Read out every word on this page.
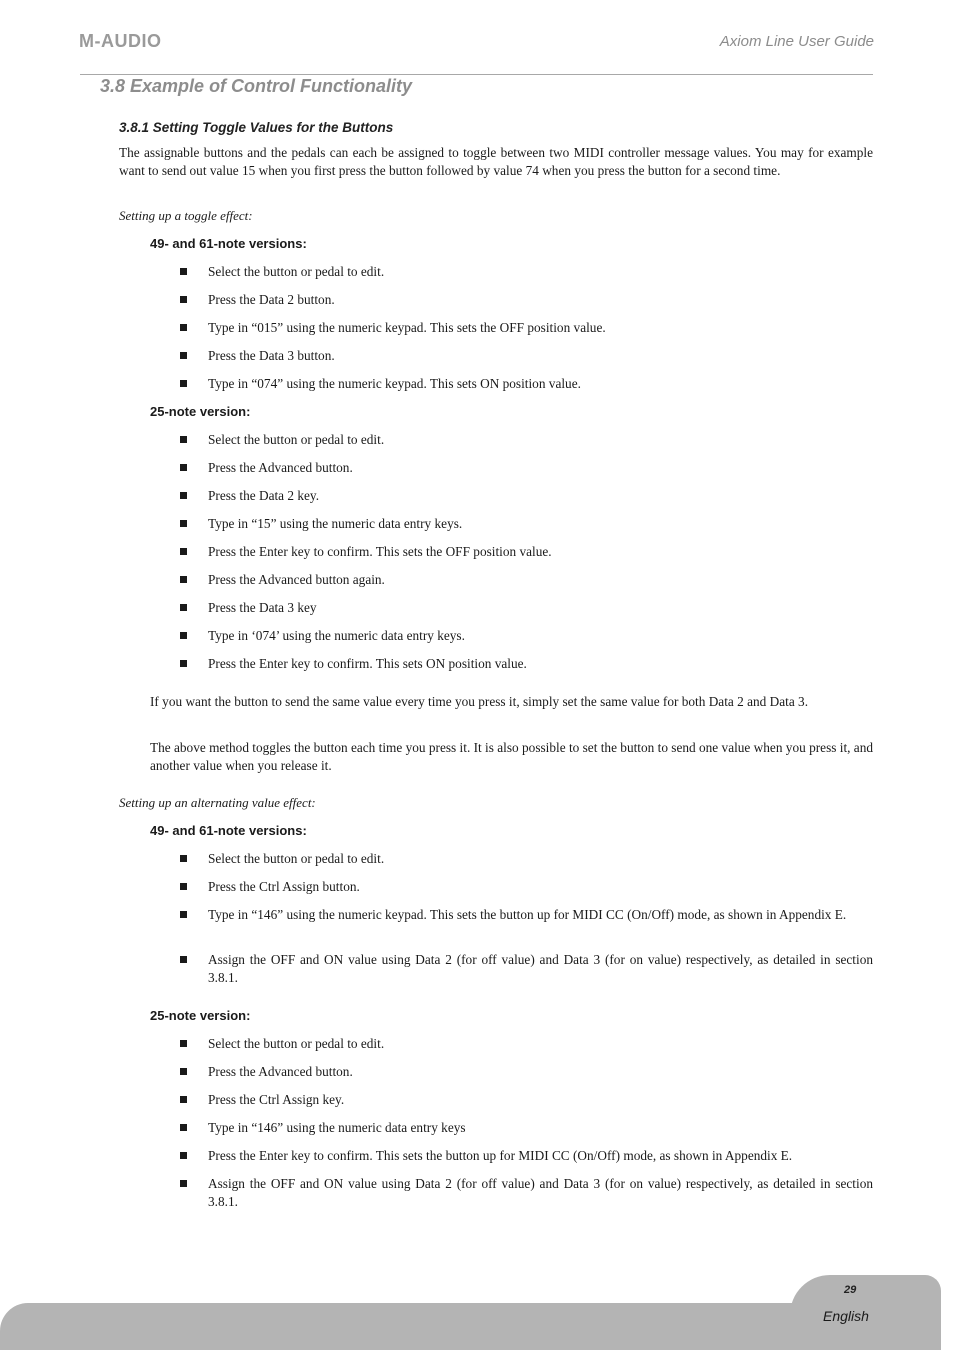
M-AUDIO	Axiom Line User Guide
3.8 Example of Control Functionality
3.8.1 Setting Toggle Values for the Buttons
The assignable buttons and the pedals can each be assigned to toggle between two MIDI controller message values. You may for example want to send out value 15 when you first press the button followed by value 74 when you press the button for a second time.
Setting up a toggle effect:
49- and 61-note versions:
Select the button or pedal to edit.
Press the Data 2 button.
Type in “015” using the numeric keypad. This sets the OFF position value.
Press the Data 3 button.
Type in “074” using the numeric keypad. This sets ON position value.
25-note version:
Select the button or pedal to edit.
Press the Advanced button.
Press the Data 2 key.
Type in “15” using the numeric data entry keys.
Press the Enter key to confirm. This sets the OFF position value.
Press the Advanced button again.
Press the Data 3 key
Type in ‘074’ using the numeric data entry keys.
Press the Enter key to confirm. This sets ON position value.
If you want the button to send the same value every time you press it, simply set the same value for both Data 2 and Data 3.
The above method toggles the button each time you press it. It is also possible to set the button to send one value when you press it, and another value when you release it.
Setting up an alternating value effect:
49- and 61-note versions:
Select the button or pedal to edit.
Press the Ctrl Assign button.
Type in “146” using the numeric keypad. This sets the button up for MIDI CC (On/Off) mode, as shown in Appendix E.
Assign the OFF and ON value using Data 2 (for off value) and Data 3 (for on value) respectively, as detailed in section 3.8.1.
25-note version:
Select the button or pedal to edit.
Press the Advanced button.
Press the Ctrl Assign key.
Type in “146” using the numeric data entry keys
Press the Enter key to confirm. This sets the button up for MIDI CC (On/Off) mode, as shown in Appendix E.
Assign the OFF and ON value using Data 2 (for off value) and Data 3 (for on value) respectively, as detailed in section 3.8.1.
29
English
